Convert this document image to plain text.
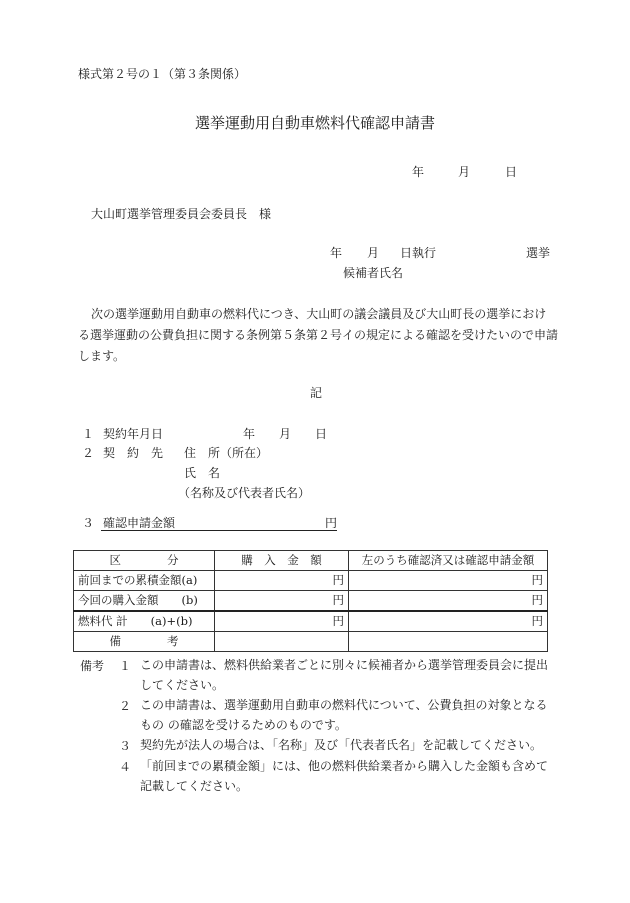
様式第２号の１（第３条関係）
選挙運動用自動車燃料代確認申請書
年	月	日
大山町選挙管理委員会委員長　様
年 月 日執行	選挙
候補者氏名
次の選挙運動用自動車の燃料代につき、大山町の議会議員及び大山町長の選挙における選挙運動の公費負担に関する条例第５条第２号イの規定による確認を受けたいので申請します。
記
１ 契約年月日	年 月 日
２ 契　約　先 住　所（所在）
氏　名
（名称及び代表者氏名）
３ 確認申請金額	円
区　　　　分	購　入　金　額	左のうち確認済又は確認申請金額
前回までの累積金額(a)	円	円
今回の購入金額　　(b)	円	円
燃料代 計　　(a)+(b)	円	円
備　　　　考		
備考 １ この申請書は、燃料供給業者ごとに別々に候補者から選挙管理委員会に提出してください。
２ この申請書は、選挙運動用自動車の燃料代について、公費負担の対象となるもの の確認を受けるためのものです。
３ 契約先が法人の場合は、「名称」及び「代表者氏名」を記載してください。
４ 「前回までの累積金額」には、他の燃料供給業者から購入した金額も含めて記載してください。
